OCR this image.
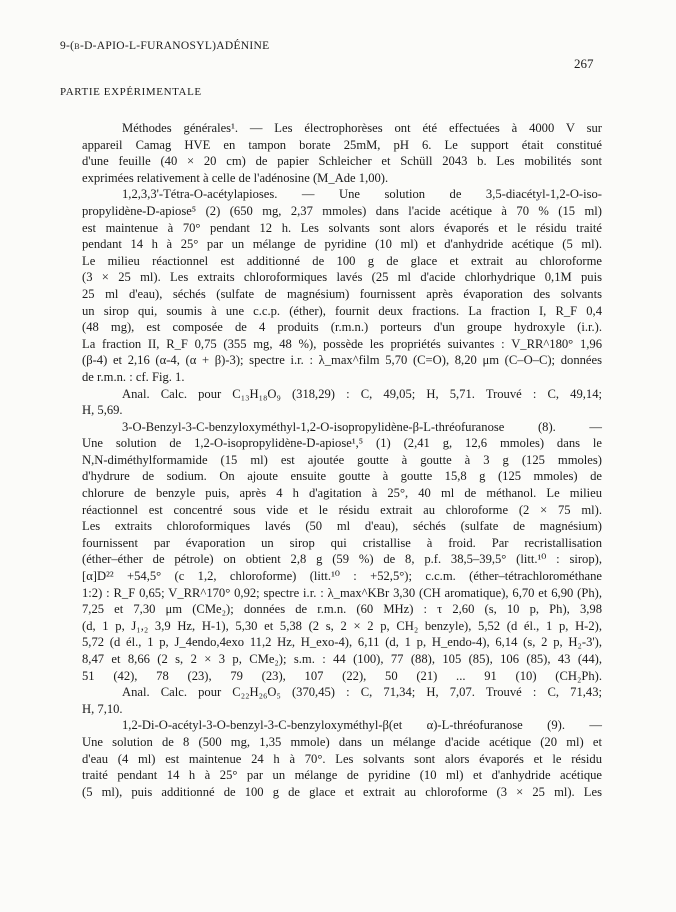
9-(β-D-APIO-L-FURANOSYL)ADÉNINE
267
PARTIE EXPÉRIMENTALE
Méthodes générales¹. — Les électrophorèses ont été effectuées à 4000 V sur
appareil Camag HVE en tampon borate 25mM, pH 6. Le support était constitué
d'une feuille (40 × 20 cm) de papier Schleicher et Schüll 2043 b. Les mobilités sont
exprimées relativement à celle de l'adénosine (M_Ade 1,00).
1,2,3,3'-Tétra-O-acétylapioses. — Une solution de 3,5-diacétyl-1,2-O-iso-
propylidène-D-apiose⁵ (2) (650 mg, 2,37 mmoles) dans l'acide acétique à 70 % (15 ml)
est maintenue à 70° pendant 12 h. Les solvants sont alors évaporés et le résidu traité
pendant 14 h à 25° par un mélange de pyridine (10 ml) et d'anhydride acétique (5 ml).
Le milieu réactionnel est additionné de 100 g de glace et extrait au chloroforme
(3 × 25 ml). Les extraits chloroformiques lavés (25 ml d'acide chlorhydrique 0,1M puis
25 ml d'eau), séchés (sulfate de magnésium) fournissent après évaporation des solvants
un sirop qui, soumis à une c.c.p. (éther), fournit deux fractions. La fraction I, R_F 0,4
(48 mg), est composée de 4 produits (r.m.n.) porteurs d'un groupe hydroxyle (i.r.).
La fraction II, R_F 0,75 (355 mg, 48 %), possède les propriétés suivantes : V_RR^180° 1,96
(β-4) et 2,16 (α-4, (α + β)-3); spectre i.r. : λ_max^film 5,70 (C=O), 8,20 μm (C–O–C); données
de r.m.n. : cf. Fig. 1.
Anal. Calc. pour C₁₃H₁₈O₉ (318,29) : C, 49,05; H, 5,71. Trouvé : C, 49,14;
H, 5,69.
3-O-Benzyl-3-C-benzyloxyméthyl-1,2-O-isopropylidène-β-L-thréofuranose (8). —
Une solution de 1,2-O-isopropylidène-D-apiose¹,⁵ (1) (2,41 g, 12,6 mmoles) dans le
N,N-diméthylformamide (15 ml) est ajoutée goutte à goutte à 3 g (125 mmoles)
d'hydrure de sodium. On ajoute ensuite goutte à goutte 15,8 g (125 mmoles) de
chlorure de benzyle puis, après 4 h d'agitation à 25°, 40 ml de méthanol. Le milieu
réactionnel est concentré sous vide et le résidu extrait au chloroforme (2 × 75 ml).
Les extraits chloroformiques lavés (50 ml d'eau), séchés (sulfate de magnésium)
fournissent par évaporation un sirop qui cristallise à froid. Par recristallisation
(éther–éther de pétrole) on obtient 2,8 g (59 %) de 8, p.f. 38,5–39,5° (litt.¹⁰ : sirop),
[α]D²² +54,5° (c 1,2, chloroforme) (litt.¹⁰ : +52,5°); c.c.m. (éther–tétrachlorométhane
1:2) : R_F 0,65; V_RR^170° 0,92; spectre i.r. : λ_max^KBr 3,30 (CH aromatique), 6,70 et 6,90 (Ph),
7,25 et 7,30 μm (CMe₂); données de r.m.n. (60 MHz) : τ 2,60 (s, 10 p, Ph), 3,98
(d, 1 p, J₁,₂ 3,9 Hz, H-1), 5,30 et 5,38 (2 s, 2 × 2 p, CH₂ benzyle), 5,52 (d él., 1 p, H-2),
5,72 (d él., 1 p, J_4endo,4exo 11,2 Hz, H_exo-4), 6,11 (d, 1 p, H_endo-4), 6,14 (s, 2 p, H₂-3'),
8,47 et 8,66 (2 s, 2 × 3 p, CMe₂); s.m. : 44 (100), 77 (88), 105 (85), 106 (85), 43 (44),
51 (42), 78 (23), 79 (23), 107 (22), 50 (21) ... 91 (10) (CH₂Ph).
Anal. Calc. pour C₂₂H₂₆O₅ (370,45) : C, 71,34; H, 7,07. Trouvé : C, 71,43;
H, 7,10.
1,2-Di-O-acétyl-3-O-benzyl-3-C-benzyloxyméthyl-β(et α)-L-thréofuranose (9). —
Une solution de 8 (500 mg, 1,35 mmole) dans un mélange d'acide acétique (20 ml) et
d'eau (4 ml) est maintenue 24 h à 70°. Les solvants sont alors évaporés et le résidu
traité pendant 14 h à 25° par un mélange de pyridine (10 ml) et d'anhydride acétique
(5 ml), puis additionné de 100 g de glace et extrait au chloroforme (3 × 25 ml). Les
